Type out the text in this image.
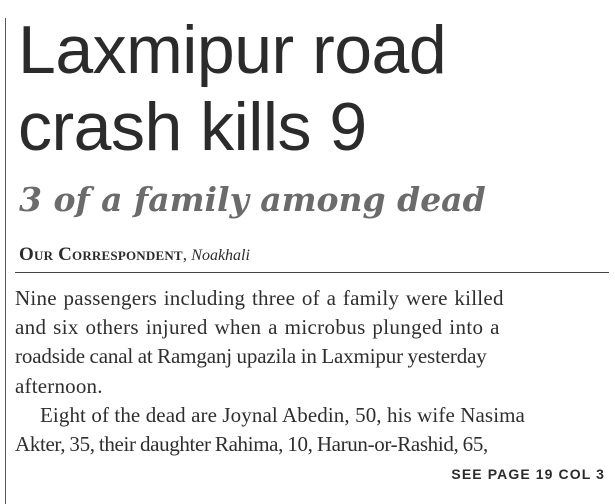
Laxmipur road
crash kills 9
3 of a family among dead
Our Correspondent, Noakhali

Nine passengers including three of a family were killed
and six others injured when a microbus plunged into a
roadside canal at Ramganj upazila in Laxmipur yesterday
afternoon.

Eight of the dead are Joynal Abedin, 50, his wife Nasima
Akter, 35, their daughter Rahima, 10, Harun-or-Rashid, 65,

SEE PAGE 19 COL 3
